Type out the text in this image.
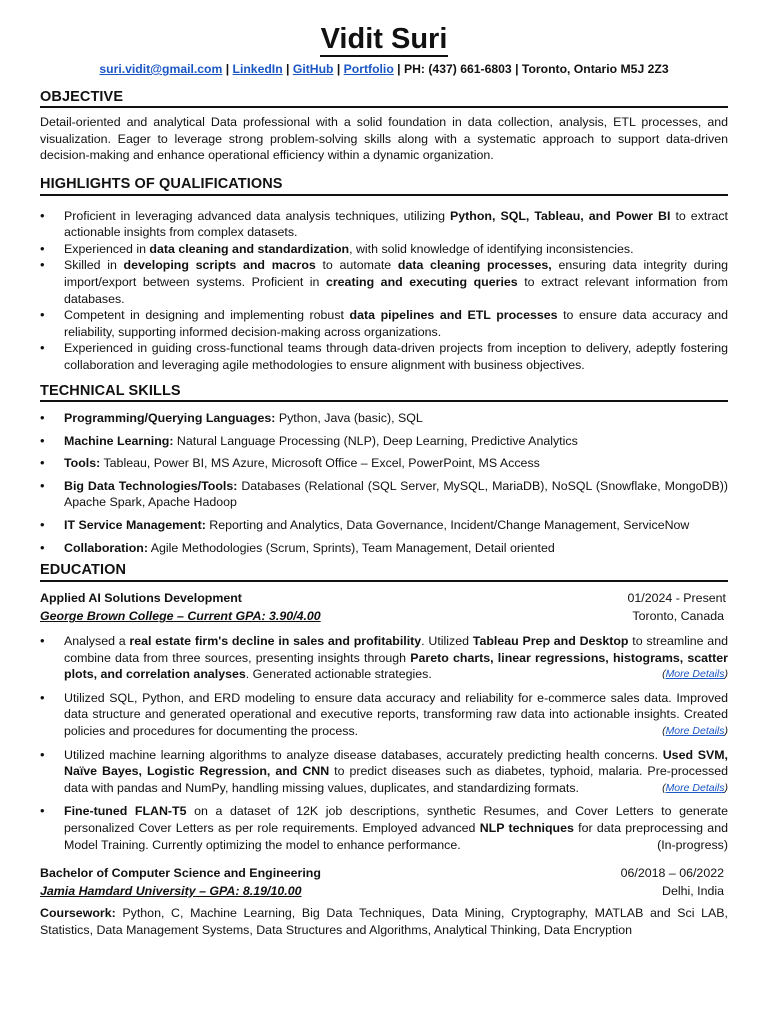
Vidit Suri
suri.vidit@gmail.com | LinkedIn | GitHub | Portfolio | PH: (437) 661-6803 | Toronto, Ontario M5J 2Z3
OBJECTIVE

Detail-oriented and analytical Data professional with a solid foundation in data collection, analysis, ETL processes, and visualization. Eager to leverage strong problem-solving skills along with a systematic approach to support data-driven decision-making and enhance operational efficiency within a dynamic organization.

HIGHLIGHTS OF QUALIFICATIONS
• Proficient in leveraging advanced data analysis techniques, utilizing Python, SQL, Tableau, and Power BI to extract actionable insights from complex datasets.
• Experienced in data cleaning and standardization, with solid knowledge of identifying inconsistencies.
• Skilled in developing scripts and macros to automate data cleaning processes, ensuring data integrity during import/export between systems. Proficient in creating and executing queries to extract relevant information from databases.
• Competent in designing and implementing robust data pipelines and ETL processes to ensure data accuracy and reliability, supporting informed decision-making across organizations.
• Experienced in guiding cross-functional teams through data-driven projects from inception to delivery, adeptly fostering collaboration and leveraging agile methodologies to ensure alignment with business objectives.
TECHNICAL SKILLS
• Programming/Querying Languages: Python, Java (basic), SQL
• Machine Learning: Natural Language Processing (NLP), Deep Learning, Predictive Analytics
• Tools: Tableau, Power BI, MS Azure, Microsoft Office – Excel, PowerPoint, MS Access
• Big Data Technologies/Tools: Databases (Relational (SQL Server, MySQL, MariaDB), NoSQL (Snowflake, MongoDB)) Apache Spark, Apache Hadoop
• IT Service Management: Reporting and Analytics, Data Governance, Incident/Change Management, ServiceNow
• Collaboration: Agile Methodologies (Scrum, Sprints), Team Management, Detail oriented
EDUCATION
Applied AI Solutions Development	01/2024 - Present
George Brown College – Current GPA: 3.90/4.00	Toronto, Canada
• Analysed a real estate firm's decline in sales and profitability. Utilized Tableau Prep and Desktop to streamline and combine data from three sources, presenting insights through Pareto charts, linear regressions, histograms, scatter plots, and correlation analyses. Generated actionable strategies.	(More Details)
• Utilized SQL, Python, and ERD modeling to ensure data accuracy and reliability for e-commerce sales data. Improved data structure and generated operational and executive reports, transforming raw data into actionable insights. Created policies and procedures for documenting the process.	(More Details)
• Utilized machine learning algorithms to analyze disease databases, accurately predicting health concerns. Used SVM, Naïve Bayes, Logistic Regression, and CNN to predict diseases such as diabetes, typhoid, malaria. Pre-processed data with pandas and NumPy, handling missing values, duplicates, and standardizing formats.	(More Details)
• Fine-tuned FLAN-T5 on a dataset of 12K job descriptions, synthetic Resumes, and Cover Letters to generate personalized Cover Letters as per role requirements. Employed advanced NLP techniques for data preprocessing and Model Training. Currently optimizing the model to enhance performance.	(In-progress)
Bachelor of Computer Science and Engineering	06/2018 – 06/2022
Jamia Hamdard University – GPA: 8.19/10.00	Delhi, India

Coursework: Python, C, Machine Learning, Big Data Techniques, Data Mining, Cryptography, MATLAB and Sci LAB, Statistics, Data Management Systems, Data Structures and Algorithms, Analytical Thinking, Data Encryption
